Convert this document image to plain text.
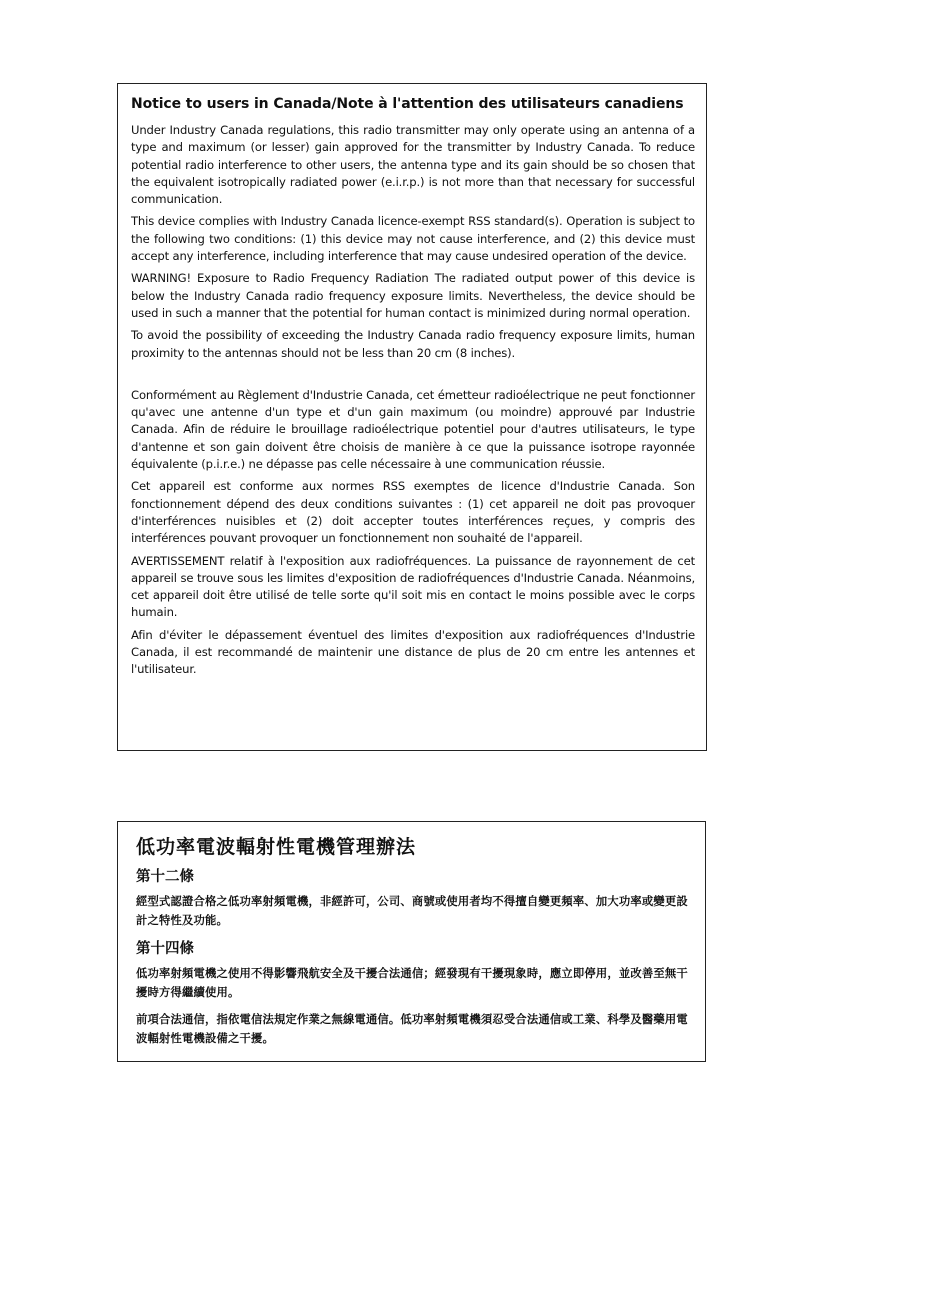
Notice to users in Canada/Note à l'attention des utilisateurs canadiens

Under Industry Canada regulations, this radio transmitter may only operate using an antenna of a type and maximum (or lesser) gain approved for the transmitter by Industry Canada. To reduce potential radio interference to other users, the antenna type and its gain should be so chosen that the equivalent isotropically radiated power (e.i.r.p.) is not more than that necessary for successful communication.

This device complies with Industry Canada licence-exempt RSS standard(s). Operation is subject to the following two conditions: (1) this device may not cause interference, and (2) this device must accept any interference, including interference that may cause undesired operation of the device.

WARNING! Exposure to Radio Frequency Radiation The radiated output power of this device is below the Industry Canada radio frequency exposure limits. Nevertheless, the device should be used in such a manner that the potential for human contact is minimized during normal operation.

To avoid the possibility of exceeding the Industry Canada radio frequency exposure limits, human proximity to the antennas should not be less than 20 cm (8 inches).

Conformément au Règlement d'Industrie Canada, cet émetteur radioélectrique ne peut fonctionner qu'avec une antenne d'un type et d'un gain maximum (ou moindre) approuvé par Industrie Canada. Afin de réduire le brouillage radioélectrique potentiel pour d'autres utilisateurs, le type d'antenne et son gain doivent être choisis de manière à ce que la puissance isotrope rayonnée équivalente (p.i.r.e.) ne dépasse pas celle nécessaire à une communication réussie.

Cet appareil est conforme aux normes RSS exemptes de licence d'Industrie Canada. Son fonctionnement dépend des deux conditions suivantes : (1) cet appareil ne doit pas provoquer d'interférences nuisibles et (2) doit accepter toutes interférences reçues, y compris des interférences pouvant provoquer un fonctionnement non souhaité de l'appareil.

AVERTISSEMENT relatif à l'exposition aux radiofréquences. La puissance de rayonnement de cet appareil se trouve sous les limites d'exposition de radiofréquences d'Industrie Canada. Néanmoins, cet appareil doit être utilisé de telle sorte qu'il soit mis en contact le moins possible avec le corps humain.

Afin d'éviter le dépassement éventuel des limites d'exposition aux radiofréquences d'Industrie Canada, il est recommandé de maintenir une distance de plus de 20 cm entre les antennes et l'utilisateur.

低功率電波輻射性電機管理辦法
第十二條

經型式認證合格之低功率射頻電機，非經許可，公司、商號或使用者均不得擅自變更頻率、加大功率或變更設計之特性及功能。

第十四條

低功率射頻電機之使用不得影響飛航安全及干擾合法通信；經發現有干擾現象時，應立即停用，並改善至無干擾時方得繼續使用。

前項合法通信，指依電信法規定作業之無線電通信。低功率射頻電機須忍受合法通信或工業、科學及醫藥用電波輻射性電機設備之干擾。
